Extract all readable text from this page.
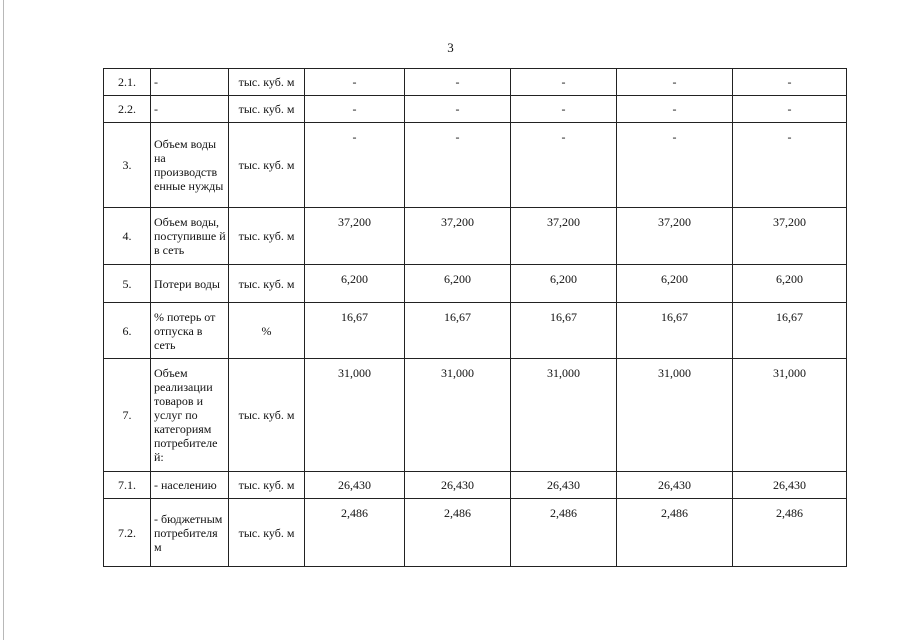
3
2.1.	-	тыс. куб. м	-	-	-	-	-
2.2.	-	тыс. куб. м	-	-	-	-	-
3.	Объем воды на производств енные нужды	тыс. куб. м	-	-	-	-	-
4.	Объем воды, поступивше й в сеть	тыс. куб. м	37,200	37,200	37,200	37,200	37,200
5.	Потери воды	тыс. куб. м	6,200	6,200	6,200	6,200	6,200
6.	% потерь от отпуска в сеть	%	16,67	16,67	16,67	16,67	16,67
7.	Объем реализации товаров и услуг по категориям потребителе й:	тыс. куб. м	31,000	31,000	31,000	31,000	31,000
7.1.	- населению	тыс. куб. м	26,430	26,430	26,430	26,430	26,430
7.2.	- бюджетным потребителя м	тыс. куб. м	2,486	2,486	2,486	2,486	2,486
